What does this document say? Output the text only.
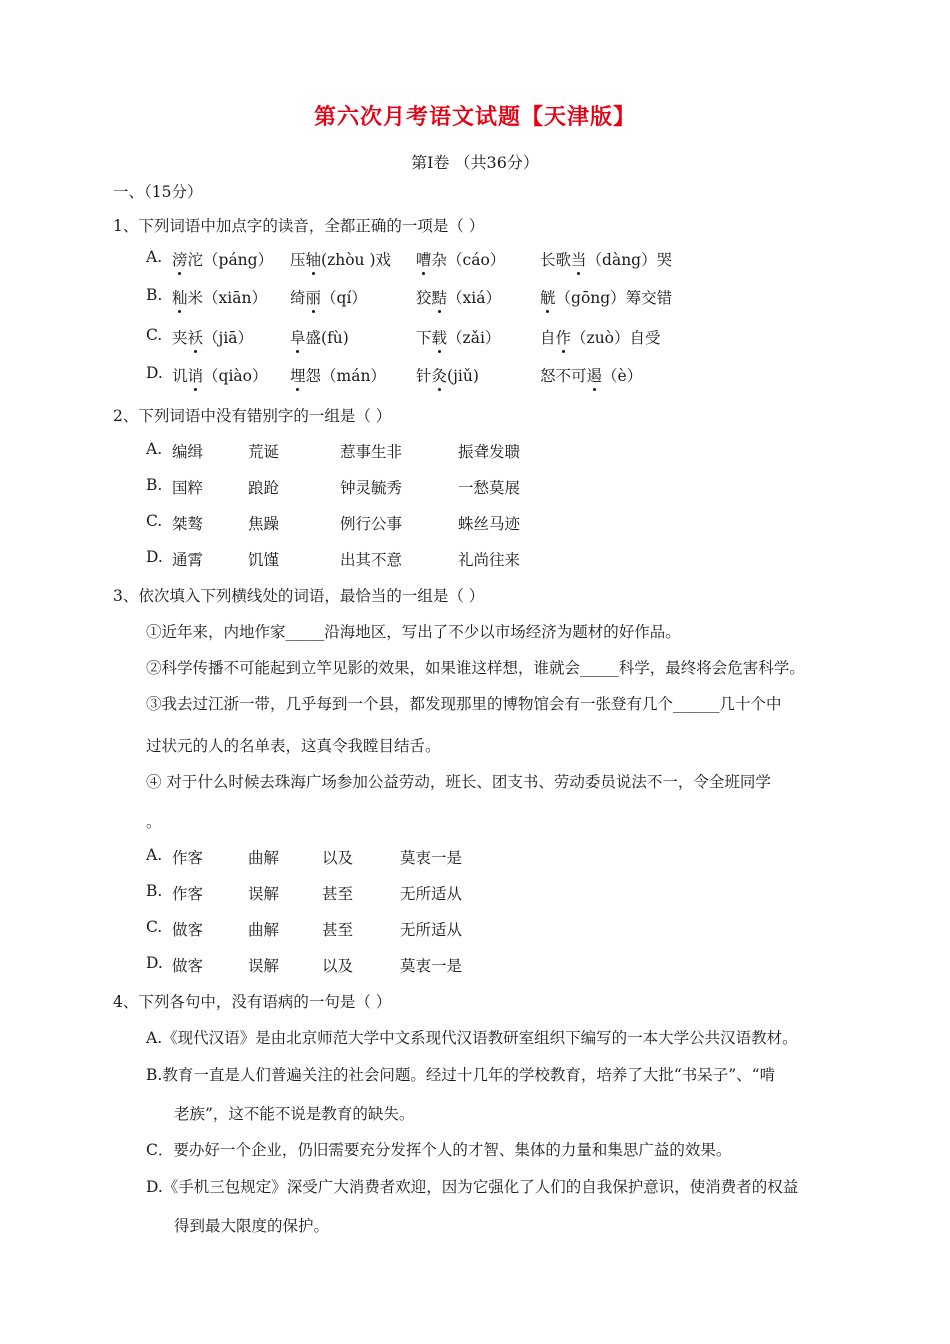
第六次月考语文试题【天津版】
第Ⅰ卷 （共36分）
一、（15分）
1、下列词语中加点字的读音，全都正确的一项是（ ）
A. 滂沱（páng） 压轴(zhòu )戏 嘈杂（cáo） 长歌当（dàng）哭
B. 籼米（xiān） 绮丽（qí）	狡黠（xiá）	觥（gōng）筹交错
C. 夹袄（jiā） 阜盛(fù)	下载（zǎi）	自作（zuò）自受
D. 讥诮（qiào） 埋怨（mán） 针灸(jiǔ)	怒不可遏（è）
2、下列词语中没有错别字的一组是（ ）
A. 编缉	荒诞	惹事生非	振聋发聩
B. 国粹	踉跄	钟灵毓秀	一愁莫展
C. 桀骜	焦躁	例行公事	蛛丝马迹
D. 通霄	饥馑	出其不意	礼尚往来
3、依次填入下列横线处的词语，最恰当的一组是（ ）
①近年来，内地作家_____沿海地区，写出了不少以市场经济为题材的好作品。
②科学传播不可能起到立竿见影的效果，如果谁这样想，谁就会_____科学，最终将会危害科学。
③我去过江浙一带，几乎每到一个县，都发现那里的博物馆会有一张登有几个______几十个中
过状元的人的名单表，这真令我瞠目结舌。
④ 对于什么时候去珠海广场参加公益劳动，班长、团支书、劳动委员说法不一，令全班同学
。
A. 作客	曲解	以及	莫衷一是
B. 作客	误解	甚至	无所适从
C. 做客	曲解	甚至	无所适从
D. 做客	误解	以及	莫衷一是
4、下列各句中，没有语病的一句是（ ）
A.《现代汉语》是由北京师范大学中文系现代汉语教研室组织下编写的一本大学公共汉语教材。
B.教育一直是人们普遍关注的社会问题。经过十几年的学校教育，培养了大批“书呆子”、“啃
老族”，这不能不说是教育的缺失。
C．要办好一个企业，仍旧需要充分发挥个人的才智、集体的力量和集思广益的效果。
D.《手机三包规定》深受广大消费者欢迎，因为它强化了人们的自我保护意识，使消费者的权益
得到最大限度的保护。
